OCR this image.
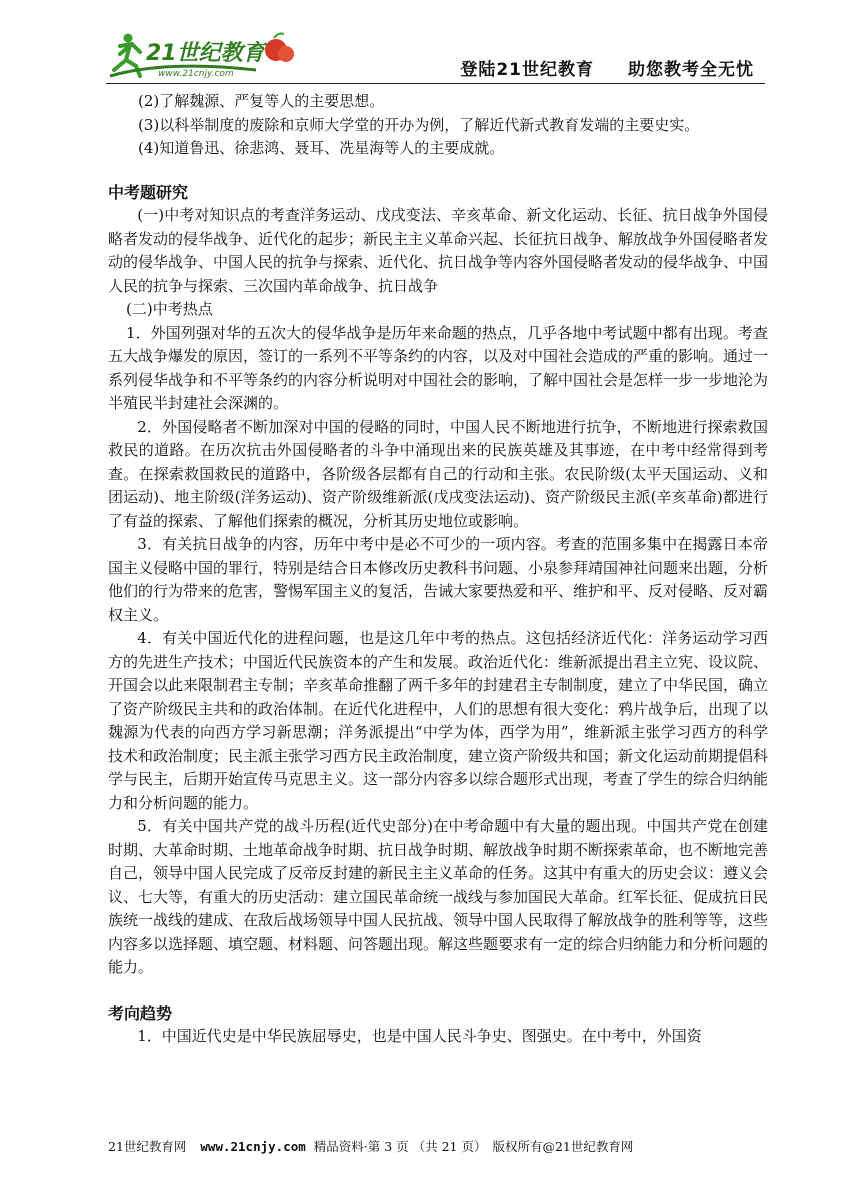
21世纪教育
www.21cnjy.com	登陆21世纪教育 助您教考全无忧

(2)了解魏源、严复等人的主要思想。

(3)以科举制度的废除和京师大学堂的开办为例，了解近代新式教育发端的主要史实。

(4)知道鲁迅、徐悲鸿、聂耳、冼星海等人的主要成就。

中考题研究

(一)中考对知识点的考查洋务运动、戊戌变法、辛亥革命、新文化运动、长征、抗日战争外国侵略者发动的侵华战争、近代化的起步；新民主主义革命兴起、长征抗日战争、解放战争外国侵略者发动的侵华战争、中国人民的抗争与探索、近代化、抗日战争等内容外国侵略者发动的侵华战争、中国人民的抗争与探索、三次国内革命战争、抗日战争

(二)中考热点

1．外国列强对华的五次大的侵华战争是历年来命题的热点，几乎各地中考试题中都有出现。考查五大战争爆发的原因，签订的一系列不平等条约的内容，以及对中国社会造成的严重的影响。通过一系列侵华战争和不平等条约的内容分析说明对中国社会的影响，了解中国社会是怎样一步一步地沦为半殖民半封建社会深渊的。

2．外国侵略者不断加深对中国的侵略的同时，中国人民不断地进行抗争，不断地进行探索救国救民的道路。在历次抗击外国侵略者的斗争中涌现出来的民族英雄及其事迹，在中考中经常得到考查。在探索救国救民的道路中，各阶级各层都有自己的行动和主张。农民阶级(太平天国运动、义和团运动)、地主阶级(洋务运动)、资产阶级维新派(戊戌变法运动)、资产阶级民主派(辛亥革命)都进行了有益的探索、了解他们探索的概况，分析其历史地位或影响。

3．有关抗日战争的内容，历年中考中是必不可少的一项内容。考查的范围多集中在揭露日本帝国主义侵略中国的罪行，特别是结合日本修改历史教科书问题、小泉参拜靖国神社问题来出题，分析他们的行为带来的危害，警惕军国主义的复活，告诫大家要热爱和平、维护和平、反对侵略、反对霸权主义。

4．有关中国近代化的进程问题，也是这几年中考的热点。这包括经济近代化：洋务运动学习西方的先进生产技术；中国近代民族资本的产生和发展。政治近代化：维新派提出君主立宪、设议院、开国会以此来限制君主专制；辛亥革命推翻了两千多年的封建君主专制制度，建立了中华民国，确立了资产阶级民主共和的政治体制。在近代化进程中，人们的思想有很大变化：鸦片战争后，出现了以魏源为代表的向西方学习新思潮；洋务派提出“中学为体，西学为用”，维新派主张学习西方的科学技术和政治制度；民主派主张学习西方民主政治制度，建立资产阶级共和国；新文化运动前期提倡科学与民主，后期开始宣传马克思主义。这一部分内容多以综合题形式出现，考查了学生的综合归纳能力和分析问题的能力。

5．有关中国共产党的战斗历程(近代史部分)在中考命题中有大量的题出现。中国共产党在创建时期、大革命时期、土地革命战争时期、抗日战争时期、解放战争时期不断探索革命，也不断地完善自己，领导中国人民完成了反帝反封建的新民主主义革命的任务。这其中有重大的历史会议：遵义会议、七大等，有重大的历史活动：建立国民革命统一战线与参加国民大革命。红军长征、促成抗日民族统一战线的建成、在敌后战场领导中国人民抗战、领导中国人民取得了解放战争的胜利等等，这些内容多以选择题、填空题、材料题、问答题出现。解这些题要求有一定的综合归纳能力和分析问题的能力。

考向趋势

1．中国近代史是中华民族屈辱史，也是中国人民斗争史、图强史。在中考中，外国资

21世纪教育网 www.21cnjy.com 精品资料·第 3 页 （共 21 页） 版权所有@21世纪教育网
